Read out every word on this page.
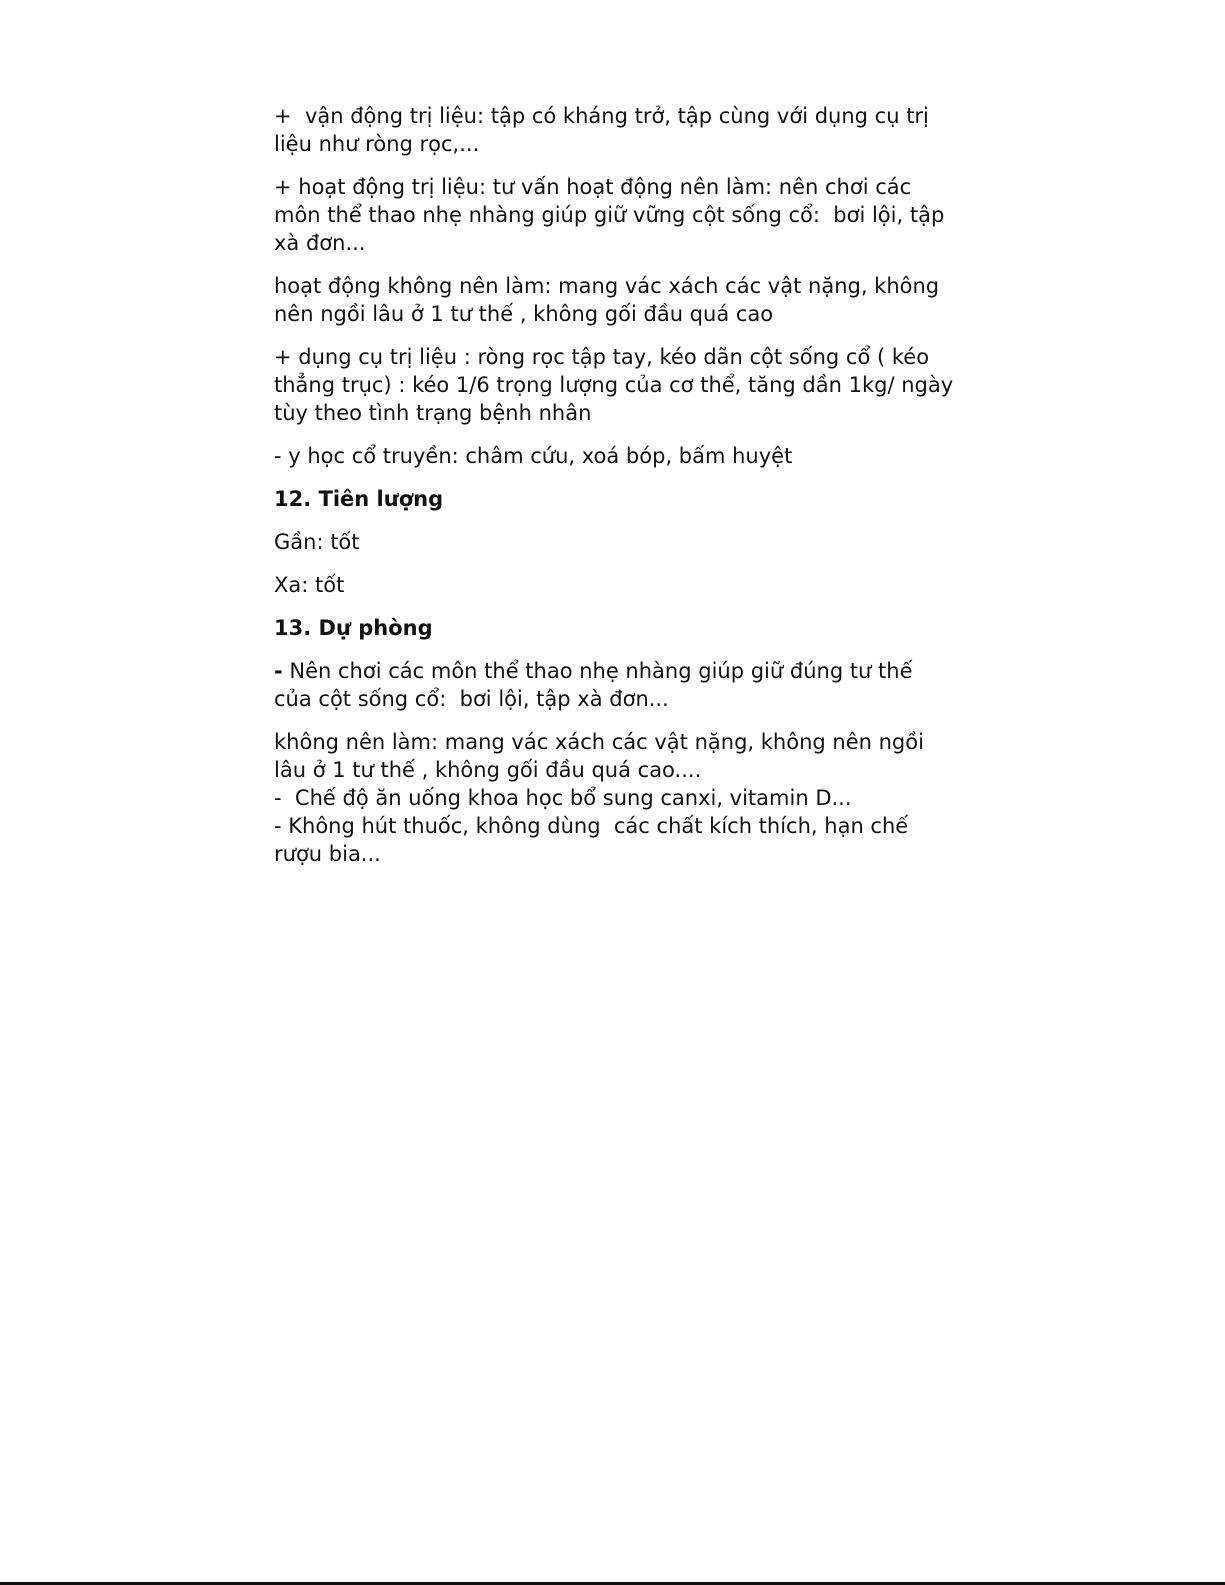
+  vận động trị liệu: tập có kháng trở, tập cùng với dụng cụ trị liệu như ròng rọc,...

+ hoạt động trị liệu: tư vấn hoạt động nên làm: nên chơi các môn thể thao nhẹ nhàng giúp giữ vững cột sống cổ:  bơi lội, tập xà đơn...

hoạt động không nên làm: mang vác xách các vật nặng, không nên ngồi lâu ở 1 tư thế , không gối đầu quá cao

+ dụng cụ trị liệu : ròng rọc tập tay, kéo dãn cột sống cổ ( kéo thẳng trục) : kéo 1/6 trọng lượng của cơ thể, tăng dần 1kg/ ngày tùy theo tình trạng bệnh nhân

- y học cổ truyền: châm cứu, xoá bóp, bấm huyệt

12. Tiên lượng

Gần: tốt

Xa: tốt

13. Dự phòng

- Nên chơi các môn thể thao nhẹ nhàng giúp giữ đúng tư thế của cột sống cổ:  bơi lội, tập xà đơn...

không nên làm: mang vác xách các vật nặng, không nên ngồi lâu ở 1 tư thế , không gối đầu quá cao....

-  Chế độ ăn uống khoa học bổ sung canxi, vitamin D...

- Không hút thuốc, không dùng  các chất kích thích, hạn chế rượu bia...
